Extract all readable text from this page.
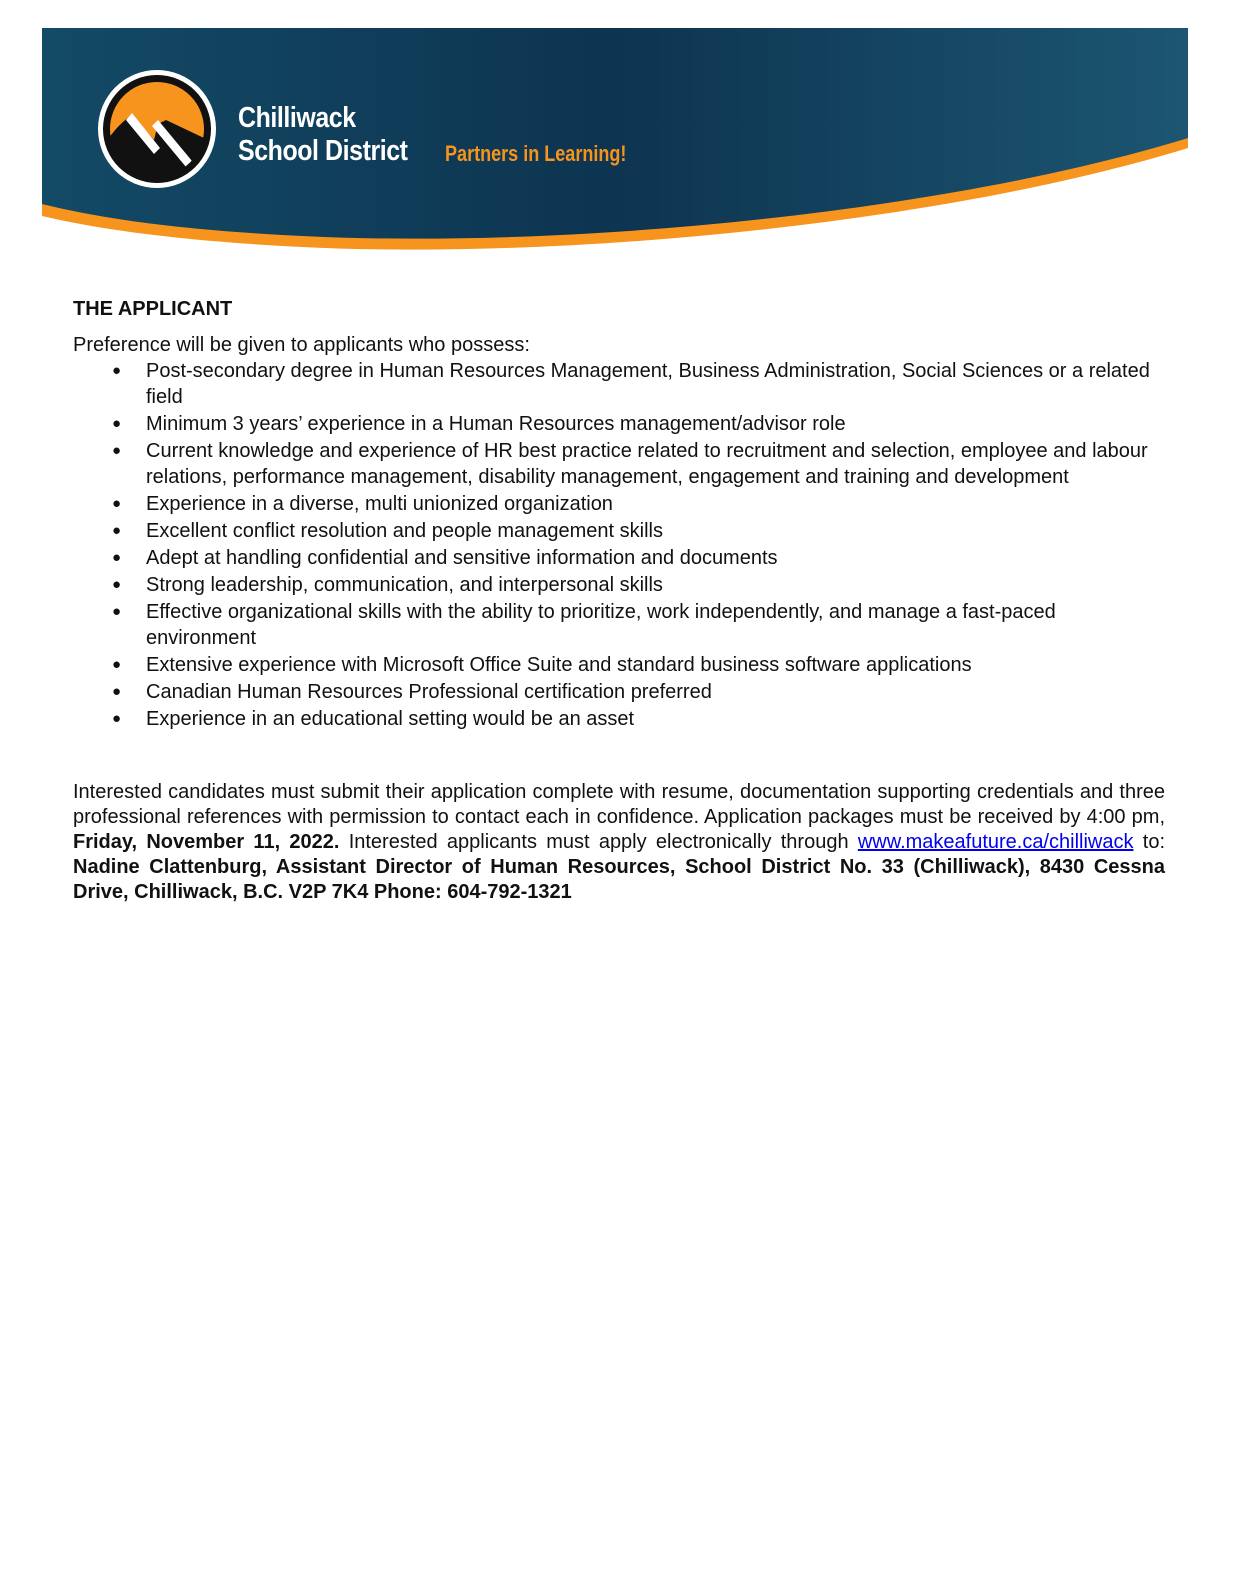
Chilliwack
School District Partners in Learning!
THE APPLICANT

Preference will be given to applicants who possess:

● Post-secondary degree in Human Resources Management, Business Administration, Social Sciences or a related field
● Minimum 3 years’ experience in a Human Resources management/advisor role
● Current knowledge and experience of HR best practice related to recruitment and selection, employee and labour relations, performance management, disability management, engagement and training and development
● Experience in a diverse, multi unionized organization
● Excellent conflict resolution and people management skills
● Adept at handling confidential and sensitive information and documents
● Strong leadership, communication, and interpersonal skills
● Effective organizational skills with the ability to prioritize, work independently, and manage a fast-paced environment
● Extensive experience with Microsoft Office Suite and standard business software applications
● Canadian Human Resources Professional certification preferred
● Experience in an educational setting would be an asset

Interested candidates must submit their application complete with resume, documentation supporting credentials and three professional references with permission to contact each in confidence. Application packages must be received by 4:00 pm, Friday, November 11, 2022. Interested applicants must apply electronically through www.makeafuture.ca/chilliwack to: Nadine Clattenburg, Assistant Director of Human Resources, School District No. 33 (Chilliwack), 8430 Cessna Drive, Chilliwack, B.C. V2P 7K4 Phone: 604-792-1321
